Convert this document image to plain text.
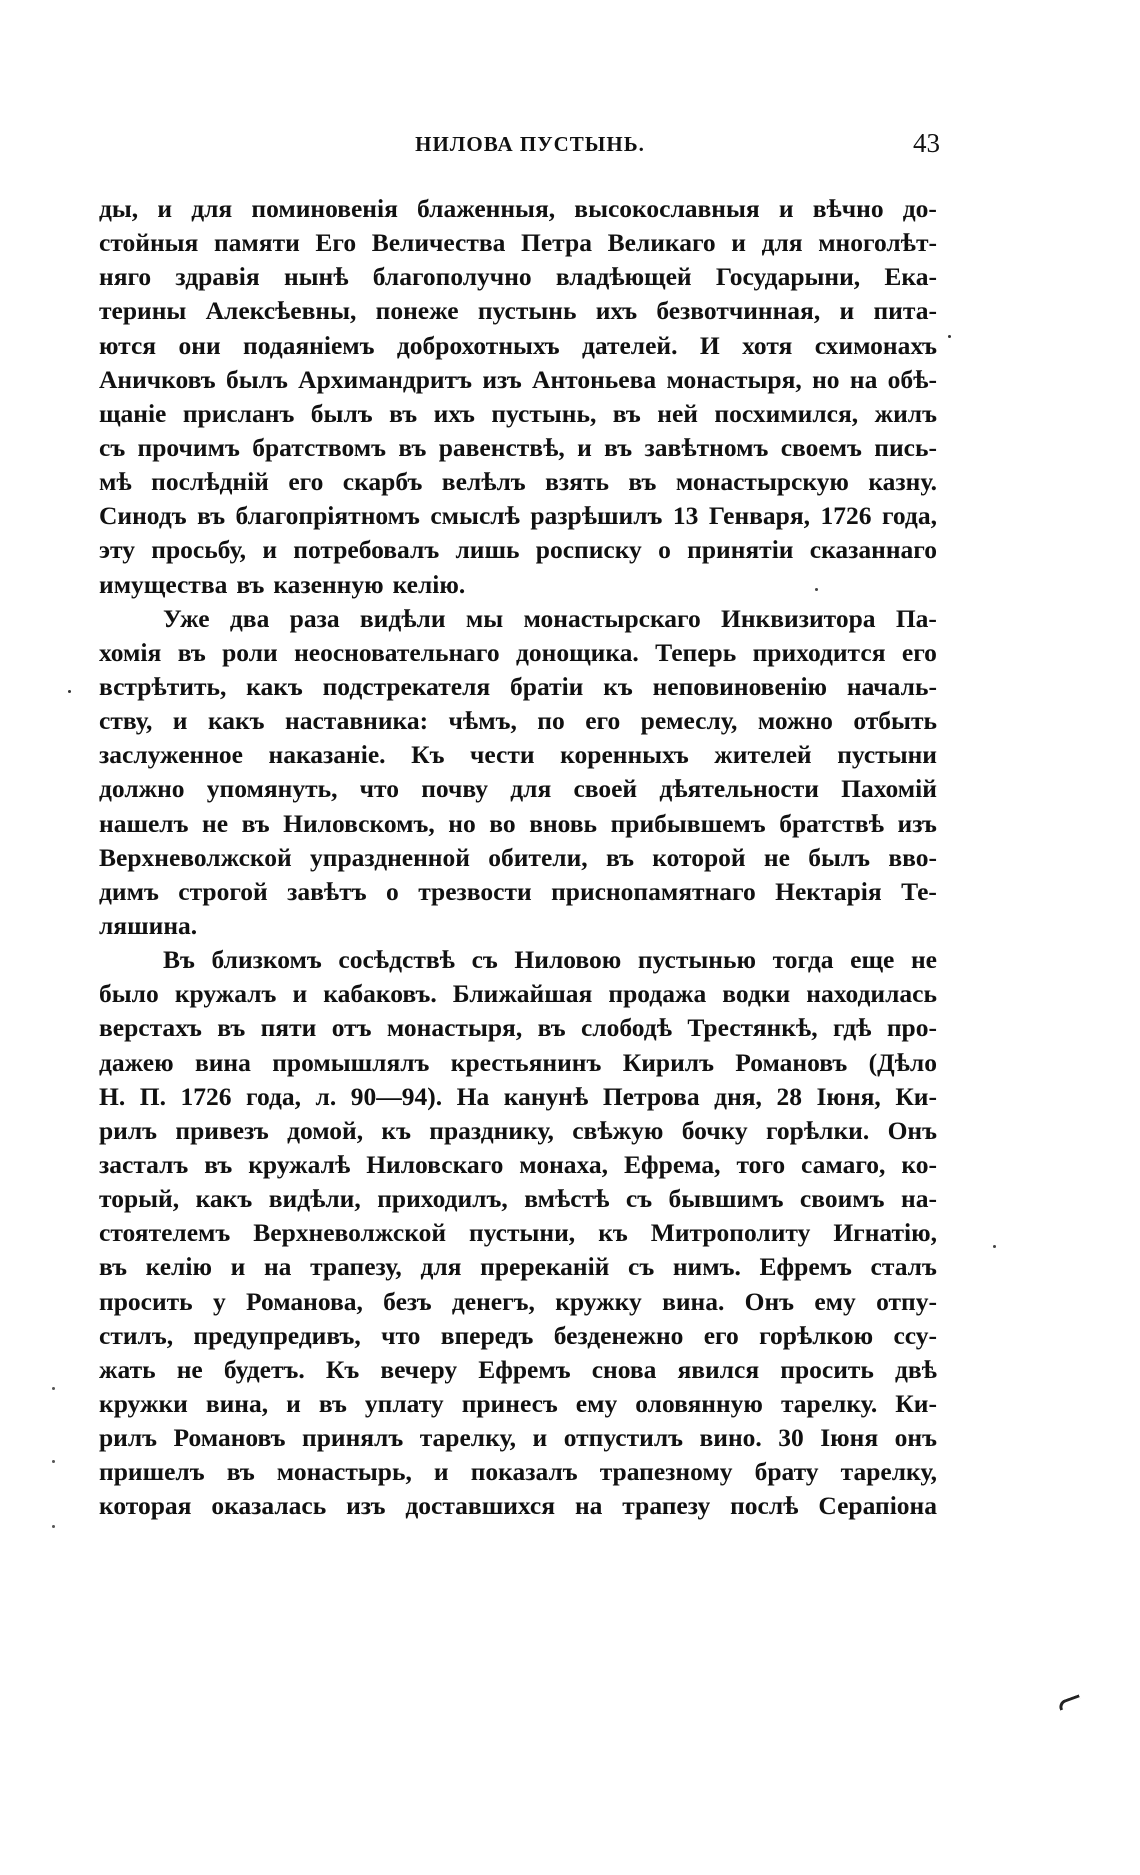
НИЛОВА ПУСТЫНЬ.	43
ды, и для поминовенія блаженныя, высокославныя и вѣчно до-
стойныя памяти Его Величества Петра Великаго и для многолѣт-
няго здравія нынѣ благополучно владѣющей Государыни, Ека-
терины Алексѣевны, понеже пустынь ихъ безвотчинная, и пита-
ются они подаяніемъ доброхотныхъ дателей. И хотя схимонахъ
Аничковъ былъ Архимандритъ изъ Антоньева монастыря, но на обѣ-
щаніе присланъ былъ въ ихъ пустынь, въ ней посхимился, жилъ
съ прочимъ братствомъ въ равенствѣ, и въ завѣтномъ своемъ пись-
мѣ послѣдній его скарбъ велѣлъ взять въ монастырскую казну.
Синодъ въ благопріятномъ смыслѣ разрѣшилъ 13 Генваря, 1726 года,
эту просьбу, и потребовалъ лишь росписку о принятіи сказаннаго
имущества въ казенную келію.
Уже два раза видѣли мы монастырскаго Инквизитора Па-
хомія въ роли неосновательнаго донощика. Теперь приходится его
встрѣтить, какъ подстрекателя братіи къ неповиновенію началь-
ству, и какъ наставника: чѣмъ, по его ремеслу, можно отбыть
заслуженное наказаніе. Къ чести коренныхъ жителей пустыни
должно упомянуть, что почву для своей дѣятельности Пахомій
нашелъ не въ Ниловскомъ, но во вновь прибывшемъ братствѣ изъ
Верхневолжской упраздненной обители, въ которой не былъ вво-
димъ строгой завѣтъ о трезвости приснопамятнаго Нектарія Те-
ляшина.
Въ близкомъ сосѣдствѣ съ Ниловою пустынью тогда еще не
было кружалъ и кабаковъ. Ближайшая продажа водки находилась
верстахъ въ пяти отъ монастыря, въ слободѣ Трестянкѣ, гдѣ про-
дажею вина промышлялъ крестьянинъ Кирилъ Романовъ (Дѣло
Н. П. 1726 года, л. 90—94). На канунѣ Петрова дня, 28 Іюня, Ки-
рилъ привезъ домой, къ празднику, свѣжую бочку горѣлки. Онъ
засталъ въ кружалѣ Ниловскаго монаха, Ефрема, того самаго, ко-
торый, какъ видѣли, приходилъ, вмѣстѣ съ бывшимъ своимъ на-
стоятелемъ Верхневолжской пустыни, къ Митрополиту Игнатію,
въ келію и на трапезу, для пререканій съ нимъ. Ефремъ сталъ
просить у Романова, безъ денегъ, кружку вина. Онъ ему отпу-
стилъ, предупредивъ, что впередъ безденежно его горѣлкою ссу-
жать не будетъ. Къ вечеру Ефремъ снова явился просить двѣ
кружки вина, и въ уплату принесъ ему оловянную тарелку. Ки-
рилъ Романовъ принялъ тарелку, и отпустилъ вино. 30 Іюня онъ
пришелъ въ монастырь, и показалъ трапезному брату тарелку,
которая оказалась изъ доставшихся на трапезу послѣ Серапіона
